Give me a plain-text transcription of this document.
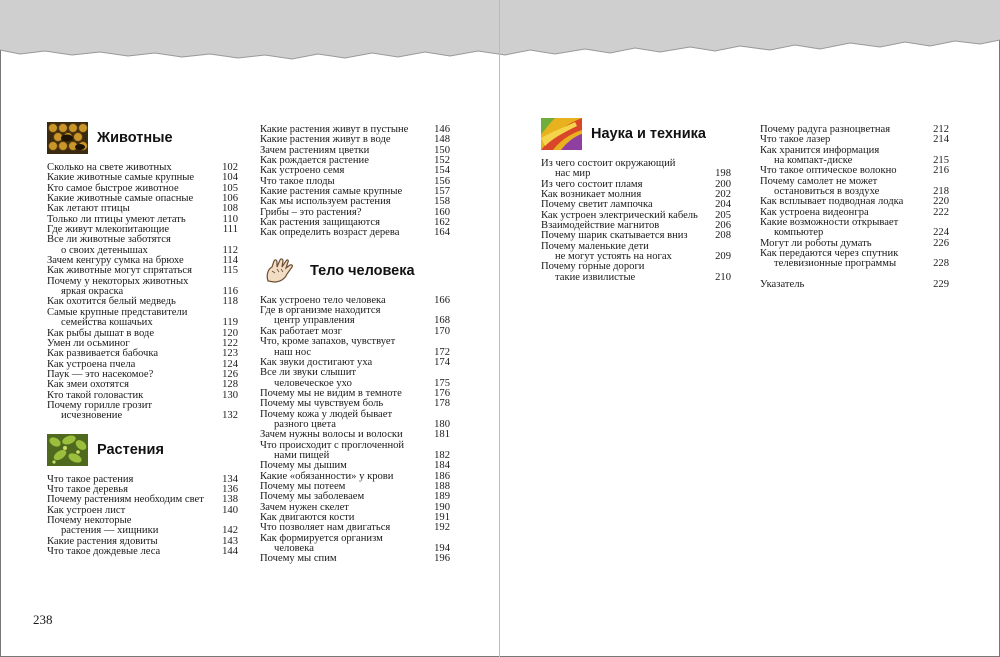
Животные
Сколько на свете животных	102
Какие животные самые крупные	104
Кто самое быстрое животное	105
Какие животные самые опасные	106
Как летают птицы	108
Только ли птицы умеют летать	110
Где живут млекопитающие	111
Все ли животные заботятся
о своих детенышах	112
Зачем кенгуру сумка на брюхе	114
Как животные могут спрятаться	115
Почему у некоторых животных
яркая окраска	116
Как охотится белый медведь	118
Самые крупные представители
семейства кошачьих	119
Как рыбы дышат в воде	120
Умен ли осьминог	122
Как развивается бабочка	123
Как устроена пчела	124
Паук — это насекомое?	126
Как змеи охотятся	128
Кто такой головастик	130
Почему горилле грозит
исчезновение	132
Растения
Что такое растения	134
Что такое деревья	136
Почему растениям необходим свет	138
Как устроен лист	140
Почему некоторые
растения — хищники	142
Какие растения ядовиты	143
Что такое дождевые леса	144
Какие растения живут в пустыне	146
Какие растения живут в воде	148
Зачем растениям цветки	150
Как рождается растение	152
Как устроено семя	154
Что такое плоды	156
Какие растения самые крупные	157
Как мы используем растения	158
Грибы – это растения?	160
Как растения защищаются	162
Как определить возраст дерева	164
Тело человека
Как устроено тело человека	166
Где в организме находится
центр управления	168
Как работает мозг	170
Что, кроме запахов, чувствует
наш нос	172
Как звуки достигают уха	174
Все ли звуки слышит
человеческое ухо	175
Почему мы не видим в темноте	176
Почему мы чувствуем боль	178
Почему кожа у людей бывает
разного цвета	180
Зачем нужны волосы и волоски	181
Что происходит с проглоченной
нами пищей	182
Почему мы дышим	184
Какие «обязанности» у крови	186
Почему мы потеем	188
Почему мы заболеваем	189
Зачем нужен скелет	190
Как двигаются кости	191
Что позволяет нам двигаться	192
Как формируется организм
человека	194
Почему мы спим	196
Наука и техника
Из чего состоит окружающий
нас мир	198
Из чего состоит пламя	200
Как возникает молния	202
Почему светит лампочка	204
Как устроен электрический кабель	205
Взаимодействие магнитов	206
Почему шарик скатывается вниз	208
Почему маленькие дети
не могут устоять на ногах	209
Почему горные дороги
такие извилистые	210
Почему радуга разноцветная	212
Что такое лазер	214
Как хранится информация
на компакт-диске	215
Что такое оптическое волокно	216
Почему самолет не может
остановиться в воздухе	218
Как всплывает подводная лодка	220
Как устроена видеонгра	222
Какие возможности открывает
компьютер	224
Могут ли роботы думать	226
Как передаются через спутник
телевизионные программы	228
Указатель	229
238
